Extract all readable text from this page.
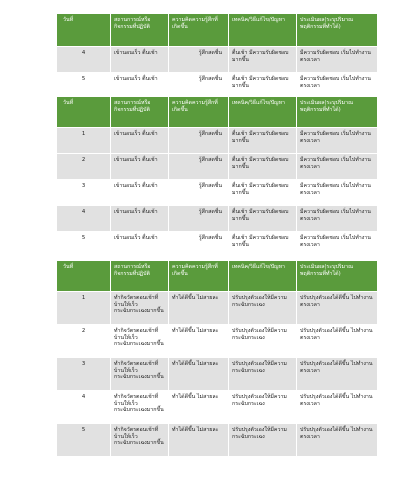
วันที่	สถานการณ์หรือกิจกรรมที่ปฏิบัติ	ความคิดความรู้สึกที่เกิดขึ้น	เทคนิค/วิธีแก้ไข/ปัญหา	ประเมินผล(ระบุปริมาณพฤติกรรมที่ทำได้)
4	เข้านอนเร็ว ตื่นเช้า	รู้สึกสดชื่น	ตื่นเช้า มีความรับผิดชอบมากขึ้น	มีความรับผิดชอบ เริ่มไปทำงานตรงเวลา
5	เข้านอนเร็ว ตื่นเช้า	รู้สึกสดชื่น	ตื่นเช้า มีความรับผิดชอบมากขึ้น	มีความรับผิดชอบ เริ่มไปทำงานตรงเวลา
วันที่	สถานการณ์หรือกิจกรรมที่ปฏิบัติ	ความคิดความรู้สึกที่เกิดขึ้น	เทคนิค/วิธีแก้ไข/ปัญหา	ประเมินผล(ระบุปริมาณพฤติกรรมที่ทำได้)
1	เข้านอนเร็ว ตื่นเช้า	รู้สึกสดชื่น	ตื่นเช้า มีความรับผิดชอบมากขึ้น	มีความรับผิดชอบ เริ่มไปทำงานตรงเวลา
2	เข้านอนเร็ว ตื่นเช้า	รู้สึกสดชื่น	ตื่นเช้า มีความรับผิดชอบมากขึ้น	มีความรับผิดชอบ เริ่มไปทำงานตรงเวลา
3	เข้านอนเร็ว ตื่นเช้า	รู้สึกสดชื่น	ตื่นเช้า มีความรับผิดชอบมากขึ้น	มีความรับผิดชอบ เริ่มไปทำงานตรงเวลา
4	เข้านอนเร็ว ตื่นเช้า	รู้สึกสดชื่น	ตื่นเช้า มีความรับผิดชอบมากขึ้น	มีความรับผิดชอบ เริ่มไปทำงานตรงเวลา
5	เข้านอนเร็ว ตื่นเช้า	รู้สึกสดชื่น	ตื่นเช้า มีความรับผิดชอบมากขึ้น	มีความรับผิดชอบ เริ่มไปทำงานตรงเวลา
วันที่	สถานการณ์หรือกิจกรรมที่ปฏิบัติ	ความคิดความรู้สึกที่เกิดขึ้น	เทคนิค/วิธีแก้ไข/ปัญหา	ประเมินผล(ระบุปริมาณพฤติกรรมที่ทำได้)
1	ทำกิจวัตรตอนเช้าที่บ้านให้เร็ว กระฉับกระเฉงมากขึ้น	ทำได้ดีขึ้น ไม่สายละ	ปรับปรุงตัวเองให้มีความกระฉับกระเฉง	ปรับปรุงตัวเองได้ดีขึ้น ไปทำงานตรงเวลา
2	ทำกิจวัตรตอนเช้าที่บ้านให้เร็ว กระฉับกระเฉงมากขึ้น	ทำได้ดีขึ้น ไม่สายละ	ปรับปรุงตัวเองให้มีความกระฉับกระเฉง	ปรับปรุงตัวเองได้ดีขึ้น ไปทำงานตรงเวลา
3	ทำกิจวัตรตอนเช้าที่บ้านให้เร็ว กระฉับกระเฉงมากขึ้น	ทำได้ดีขึ้น ไม่สายละ	ปรับปรุงตัวเองให้มีความกระฉับกระเฉง	ปรับปรุงตัวเองได้ดีขึ้น ไปทำงานตรงเวลา
4	ทำกิจวัตรตอนเช้าที่บ้านให้เร็ว กระฉับกระเฉงมากขึ้น	ทำได้ดีขึ้น ไม่สายละ	ปรับปรุงตัวเองให้มีความกระฉับกระเฉง	ปรับปรุงตัวเองได้ดีขึ้น ไปทำงานตรงเวลา
5	ทำกิจวัตรตอนเช้าที่บ้านให้เร็ว กระฉับกระเฉงมากขึ้น	ทำได้ดีขึ้น ไม่สายละ	ปรับปรุงตัวเองให้มีความกระฉับกระเฉง	ปรับปรุงตัวเองได้ดีขึ้น ไปทำงานตรงเวลา
